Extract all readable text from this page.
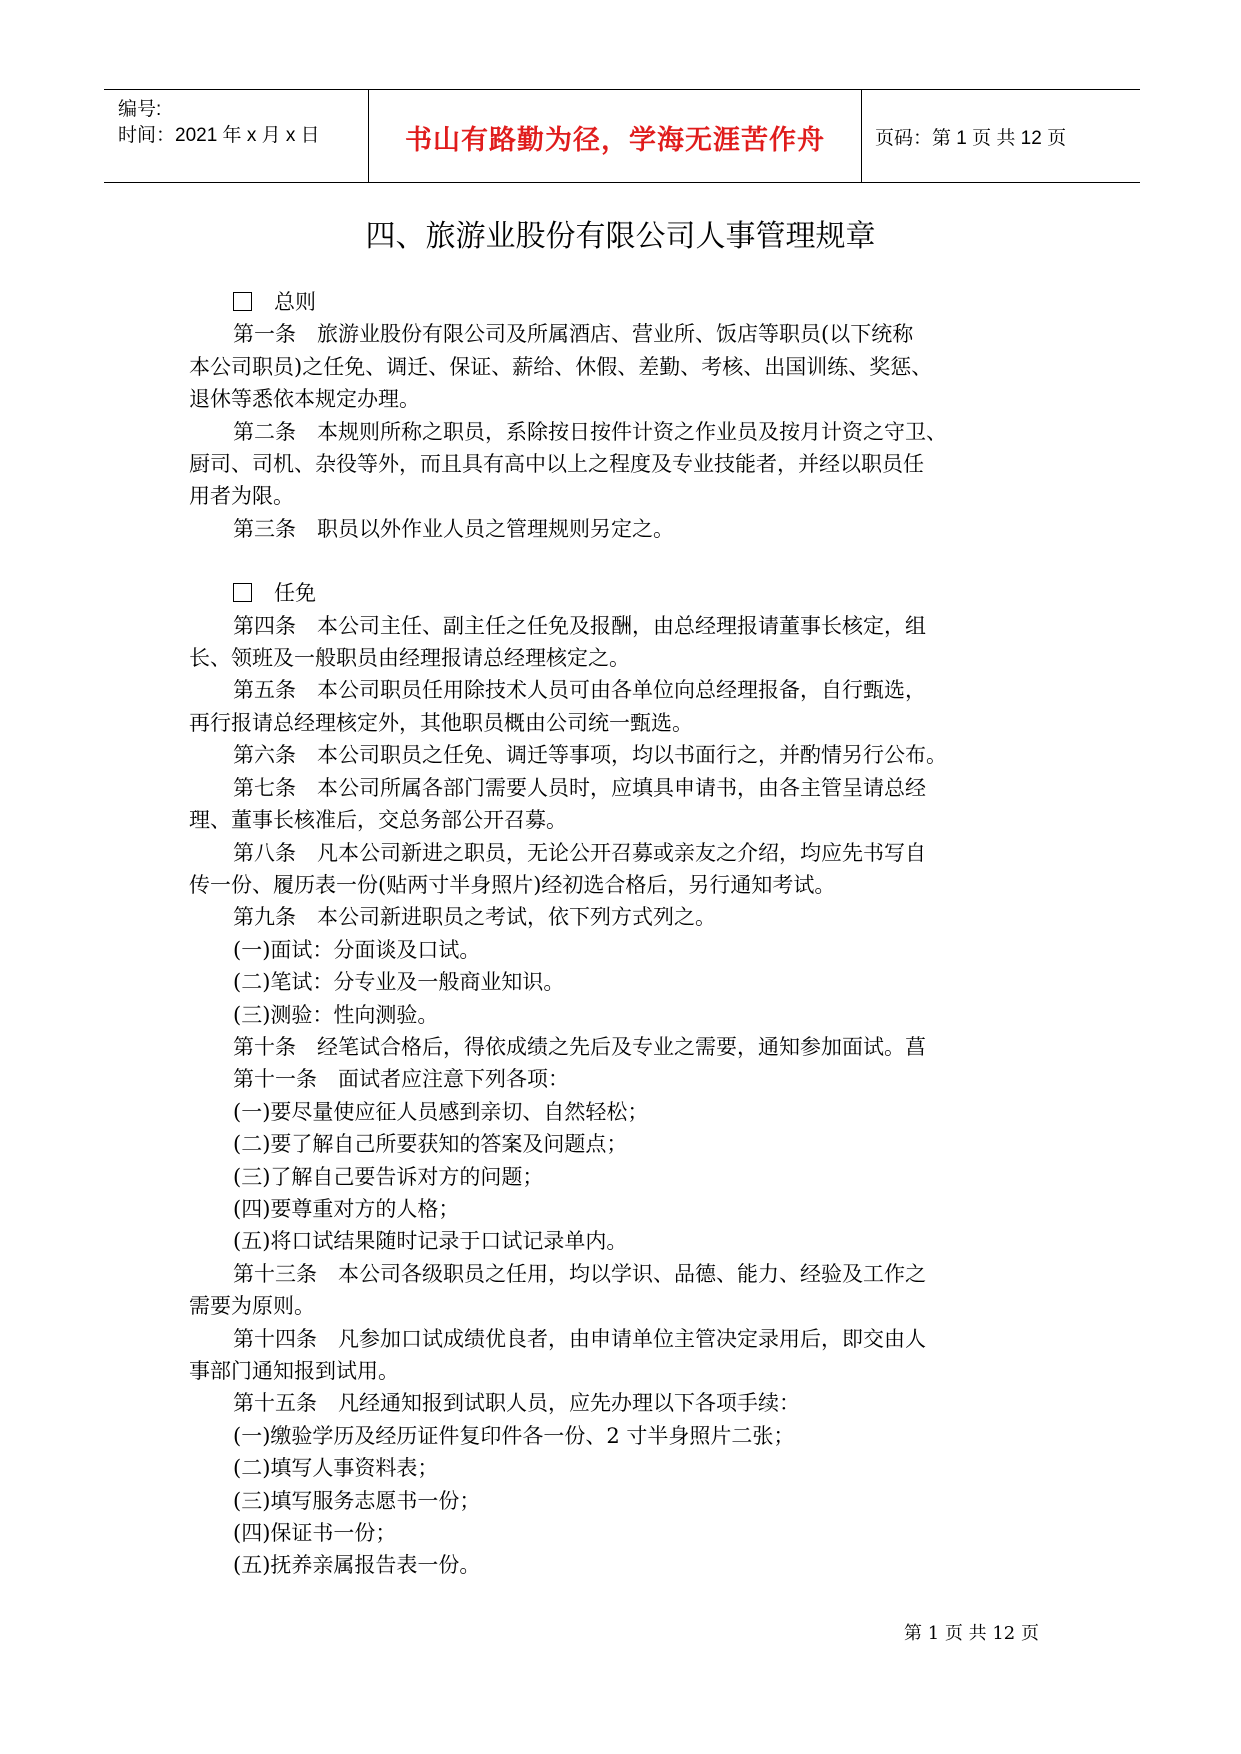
编号:
时间：2021 年 x 月 x 日	书山有路勤为径，学海无涯苦作舟	页码：第 1 页 共 12 页
四、旅游业股份有限公司人事管理规章

总则

第一条　旅游业股份有限公司及所属酒店、营业所、饭店等职员(以下统称

本公司职员)之任免、调迁、保证、薪给、休假、差勤、考核、出国训练、奖惩、

退休等悉依本规定办理。

第二条　本规则所称之职员，系除按日按件计资之作业员及按月计资之守卫、

厨司、司机、杂役等外，而且具有高中以上之程度及专业技能者，并经以职员任

用者为限。

第三条　职员以外作业人员之管理规则另定之。

任免

第四条　本公司主任、副主任之任免及报酬，由总经理报请董事长核定，组

长、领班及一般职员由经理报请总经理核定之。

第五条　本公司职员任用除技术人员可由各单位向总经理报备，自行甄选，

再行报请总经理核定外，其他职员概由公司统一甄选。

第六条　本公司职员之任免、调迁等事项，均以书面行之，并酌情另行公布。

第七条　本公司所属各部门需要人员时，应填具申请书，由各主管呈请总经

理、董事长核准后，交总务部公开召募。

第八条　凡本公司新进之职员，无论公开召募或亲友之介绍，均应先书写自

传一份、履历表一份(贴两寸半身照片)经初选合格后，另行通知考试。

第九条　本公司新进职员之考试，依下列方式列之。

(一)面试：分面谈及口试。

(二)笔试：分专业及一般商业知识。

(三)测验：性向测验。

第十条　经笔试合格后，得依成绩之先后及专业之需要，通知参加面试。菖

第十一条　面试者应注意下列各项：

(一)要尽量使应征人员感到亲切、自然轻松；

(二)要了解自己所要获知的答案及问题点；

(三)了解自己要告诉对方的问题；

(四)要尊重对方的人格；

(五)将口试结果随时记录于口试记录单内。

第十三条　本公司各级职员之任用，均以学识、品德、能力、经验及工作之

需要为原则。

第十四条　凡参加口试成绩优良者，由申请单位主管决定录用后，即交由人

事部门通知报到试用。

第十五条　凡经通知报到试职人员，应先办理以下各项手续：

(一)缴验学历及经历证件复印件各一份、2 寸半身照片二张；

(二)填写人事资料表；

(三)填写服务志愿书一份；

(四)保证书一份；

(五)抚养亲属报告表一份。

第 1 页 共 12 页
